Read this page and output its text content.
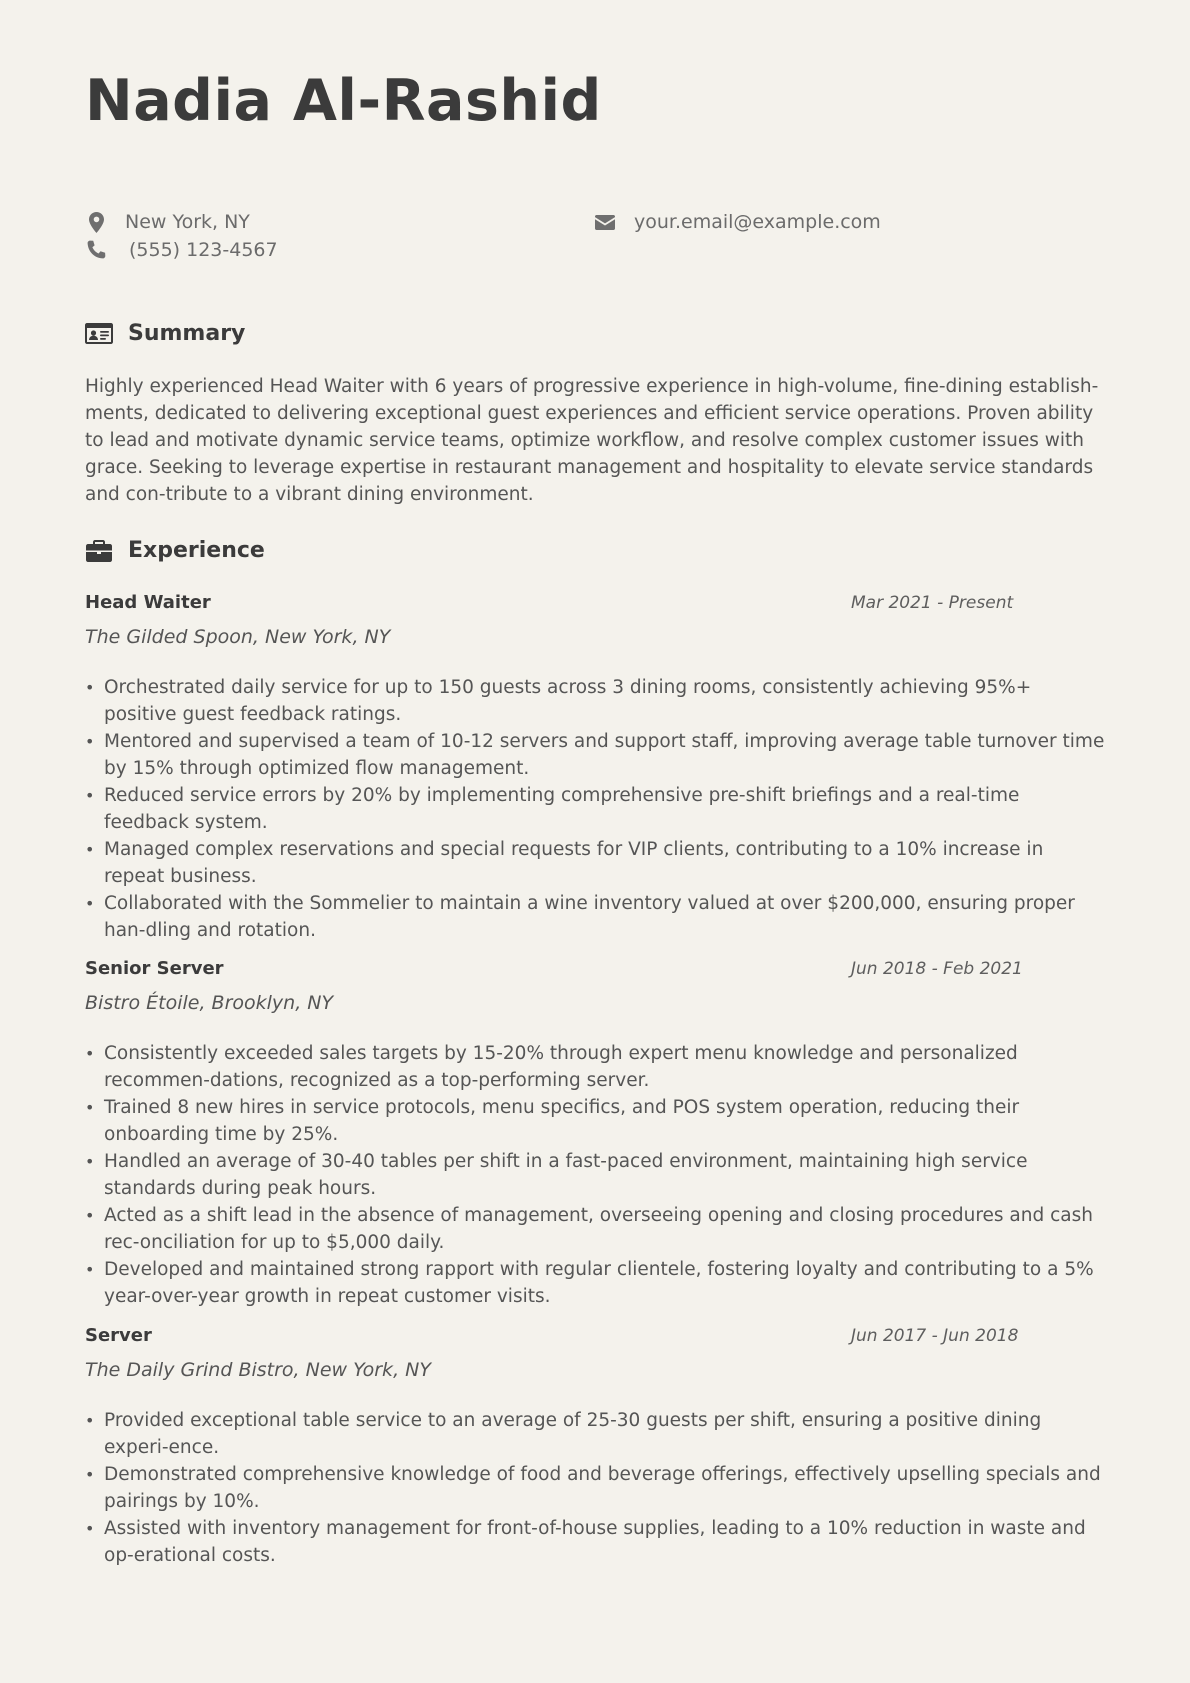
Nadia Al-Rashid
New York, NY	your.email@example.com
(555) 123-4567
Summary

Highly experienced Head Waiter with 6 years of progressive experience in high-volume, fine-dining establish-ments, dedicated to delivering exceptional guest experiences and efficient service operations. Proven ability to lead and motivate dynamic service teams, optimize workflow, and resolve complex customer issues with grace. Seeking to leverage expertise in restaurant management and hospitality to elevate service standards and con-tribute to a vibrant dining environment.

Experience
Head Waiter	Mar 2021 - Present
The Gilded Spoon, New York, NY
• Orchestrated daily service for up to 150 guests across 3 dining rooms, consistently achieving 95%+ positive guest feedback ratings.
• Mentored and supervised a team of 10-12 servers and support staff, improving average table turnover time by 15% through optimized flow management.
• Reduced service errors by 20% by implementing comprehensive pre-shift briefings and a real-time feedback system.
• Managed complex reservations and special requests for VIP clients, contributing to a 10% increase in repeat business.
• Collaborated with the Sommelier to maintain a wine inventory valued at over $200,000, ensuring proper han-dling and rotation.
Senior Server	Jun 2018 - Feb 2021
Bistro Étoile, Brooklyn, NY
• Consistently exceeded sales targets by 15-20% through expert menu knowledge and personalized recommen-dations, recognized as a top-performing server.
• Trained 8 new hires in service protocols, menu specifics, and POS system operation, reducing their onboarding time by 25%.
• Handled an average of 30-40 tables per shift in a fast-paced environment, maintaining high service standards during peak hours.
• Acted as a shift lead in the absence of management, overseeing opening and closing procedures and cash rec-onciliation for up to $5,000 daily.
• Developed and maintained strong rapport with regular clientele, fostering loyalty and contributing to a 5% year-over-year growth in repeat customer visits.
Server	Jun 2017 - Jun 2018
The Daily Grind Bistro, New York, NY
• Provided exceptional table service to an average of 25-30 guests per shift, ensuring a positive dining experi-ence.
• Demonstrated comprehensive knowledge of food and beverage offerings, effectively upselling specials and pairings by 10%.
• Assisted with inventory management for front-of-house supplies, leading to a 10% reduction in waste and op-erational costs.
